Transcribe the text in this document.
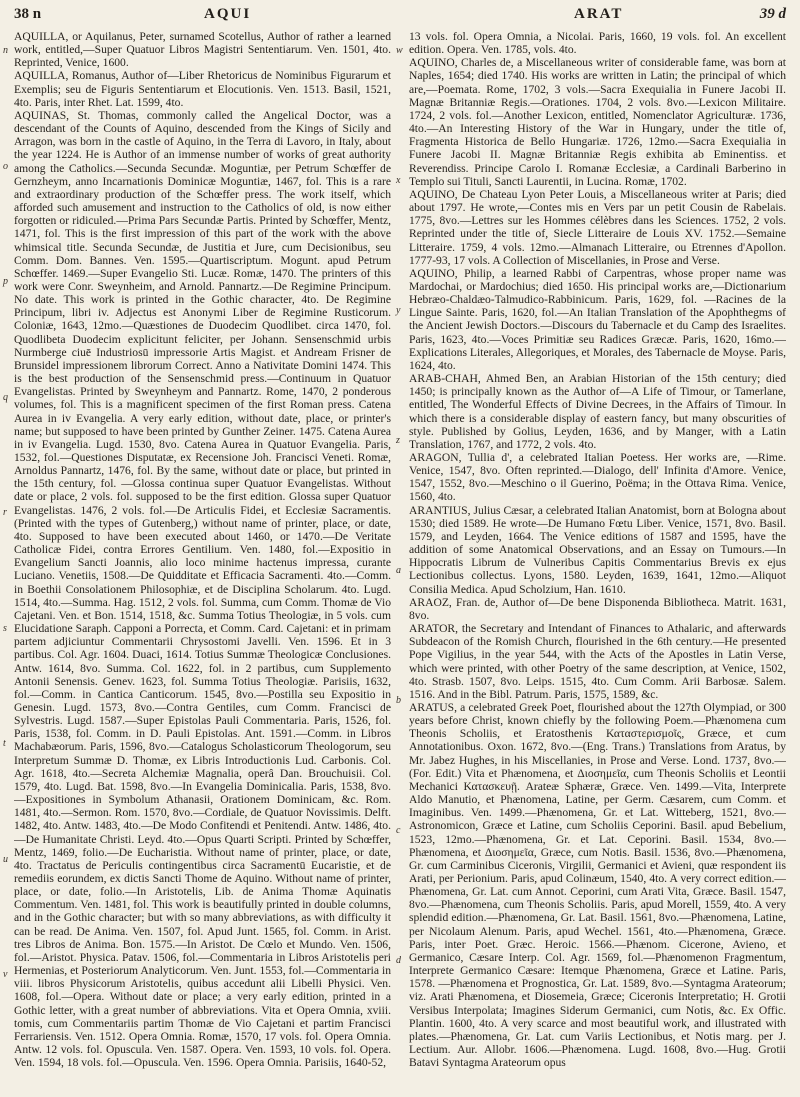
38 n	AQUI	ARAT	39 d

AQUILLA, or Aquilanus, Peter, surnamed Scotellus, Author of rather a learned work, entitled,—Super Quatuor Libros Magistri Sententiarum. Ven. 1501, 4to. Reprinted, Venice, 1600.

AQUILLA, Romanus, Author of—Liber Rhetoricus de Nominibus Figurarum et Exemplis; seu de Figuris Sententiarum et Elocutionis. Ven. 1513. Basil, 1521, 4to. Paris, inter Rhet. Lat. 1599, 4to.

AQUINAS, St. Thomas, commonly called the Angelical Doctor, was a descendant of the Counts of Aquino, descended from the Kings of Sicily and Arragon, was born in the castle of Aquino, in the Terra di Lavoro, in Italy, about the year 1224. He is Author of an immense number of works of great authority among the Catholics.—Secunda Secundæ. Moguntiæ, per Petrum Schœffer de Gernzheym, anno Incarnationis Dominicæ Moguntiæ, 1467, fol. This is a rare and extraordinary production of the Schœffer press. The work itself, which afforded such amusement and instruction to the Catholics of old, is now either forgotten or ridiculed.—Prima Pars Secundæ Partis. Printed by Schœffer, Mentz, 1471, fol. This is the first impression of this part of the work with the above whimsical title. Secunda Secundæ, de Justitia et Jure, cum Decisionibus, seu Comm. Dom. Bannes. Ven. 1595.—Quartiscriptum. Mogunt. apud Petrum Schœffer. 1469.—Super Evangelio Sti. Lucæ. Romæ, 1470. The printers of this work were Conr. Sweynheim, and Arnold. Pannartz.—De Regimine Principum. No date. This work is printed in the Gothic character, 4to. De Regimine Principum, libri iv. Adjectus est Anonymi Liber de Regimine Rusticorum. Coloniæ, 1643, 12mo.—Quæstiones de Duodecim Quodlibet. circa 1470, fol. Quodlibeta Duodecim explicitunt feliciter, per Johann. Sensenschmid urbis Nurmberge ciuē Industriosū impressorie Artis Magist. et Andream Frisner de Brunsidel impressionem librorum Correct. Anno a Nativitate Domini 1474. This is the best production of the Sensenschmid press.—Continuum in Quatuor Evangelistas. Printed by Sweynheym and Pannartz. Rome, 1470, 2 ponderous volumes, fol. This is a magnificent specimen of the first Roman press. Catena Aurea in iv Evangelia. A very early edition, without date, place, or printer's name; but supposed to have been printed by Gunther Zeiner. 1475. Catena Aurea in iv Evangelia. Lugd. 1530, 8vo. Catena Aurea in Quatuor Evangelia. Paris, 1532, fol.—Questiones Disputatæ, ex Recensione Joh. Francisci Veneti. Romæ, Arnoldus Pannartz, 1476, fol. By the same, without date or place, but printed in the 15th century, fol. —Glossa continua super Quatuor Evangelistas. Without date or place, 2 vols. fol. supposed to be the first edition. Glossa super Quatuor Evangelistas. 1476, 2 vols. fol.—De Articulis Fidei, et Ecclesiæ Sacramentis. (Printed with the types of Gutenberg,) without name of printer, place, or date, 4to. Supposed to have been executed about 1460, or 1470.—De Veritate Catholicæ Fidei, contra Errores Gentilium. Ven. 1480, fol.—Expositio in Evangelium Sancti Joannis, alio loco minime hactenus impressa, curante Luciano. Venetiis, 1508.—De Quidditate et Efficacia Sacramenti. 4to.—Comm. in Boethii Consolationem Philosophiæ, et de Disciplina Scholarum. 4to. Lugd. 1514, 4to.—Summa. Hag. 1512, 2 vols. fol. Summa, cum Comm. Thomæ de Vio Cajetani. Ven. et Bon. 1514, 1518, &c. Summa Totius Theologiæ, in 5 vols. cum Elucidatione Saraph. Capponi a Porrecta, et Comm. Card. Cajetani: et in primam partem adjiciuntur Commentarii Chrysostomi Javelli. Ven. 1596. Et in 3 partibus. Col. Agr. 1604. Duaci, 1614. Totius Summæ Theologicæ Conclusiones. Antw. 1614, 8vo. Summa. Col. 1622, fol. in 2 partibus, cum Supplemento Antonii Senensis. Genev. 1623, fol. Summa Totius Theologiæ. Parisiis, 1632, fol.—Comm. in Cantica Canticorum. 1545, 8vo.—Postilla seu Expositio in Genesin. Lugd. 1573, 8vo.—Contra Gentiles, cum Comm. Francisci de Sylvestris. Lugd. 1587.—Super Epistolas Pauli Commentaria. Paris, 1526, fol. Paris, 1538, fol. Comm. in D. Pauli Epistolas. Ant. 1591.—Comm. in Libros Machabæorum. Paris, 1596, 8vo.—Catalogus Scholasticorum Theologorum, seu Interpretum Summæ D. Thomæ, ex Libris Introductionis Lud. Carbonis. Col. Agr. 1618, 4to.—Secreta Alchemiæ Magnalia, operâ Dan. Brouchuisii. Col. 1579, 4to. Lugd. Bat. 1598, 8vo.—In Evangelia Dominicalia. Paris, 1538, 8vo.—Expositiones in Symbolum Athanasii, Orationem Dominicam, &c. Rom. 1481, 4to.—Sermon. Rom. 1570, 8vo.—Cordiale, de Quatuor Novissimis. Delft. 1482, 4to. Antw. 1483, 4to.—De Modo Confitendi et Penitendi. Antw. 1486, 4to.—De Humanitate Christi. Leyd. 4to.—Opus Quarti Scripti. Printed by Schœffer, Mentz, 1469, folio.—De Eucharistia. Without name of printer, place, or date, 4to. Tractatus de Periculis contingentibus circa Sacramentū Eucaristie, et de remediis eorundem, ex dictis Sancti Thome de Aquino. Without name of printer, place, or date, folio.—In Aristotelis, Lib. de Anima Thomæ Aquinatis Commentum. Ven. 1481, fol. This work is beautifully printed in double columns, and in the Gothic character; but with so many abbreviations, as with difficulty it can be read. De Anima. Ven. 1507, fol. Apud Junt. 1565, fol. Comm. in Arist. tres Libros de Anima. Bon. 1575.—In Aristot. De Cœlo et Mundo. Ven. 1506, fol.—Aristot. Physica. Patav. 1506, fol.—Commentaria in Libros Aristotelis peri Hermenias, et Posteriorum Analyticorum. Ven. Junt. 1553, fol.—Commentaria in viii. libros Physicorum Aristotelis, quibus accedunt alii Libelli Physici. Ven. 1608, fol.—Opera. Without date or place; a very early edition, printed in a Gothic letter, with a great number of abbreviations. Vita et Opera Omnia, xviii. tomis, cum Commentariis partim Thomæ de Vio Cajetani et partim Francisci Ferrariensis. Ven. 1512. Opera Omnia. Romæ, 1570, 17 vols. fol. Opera Omnia. Antw. 12 vols. fol. Opuscula. Ven. 1587. Opera. Ven. 1593, 10 vols. fol. Opera. Ven. 1594, 18 vols. fol.—Opuscula. Ven. 1596. Opera Omnia. Parisiis, 1640-52,

13 vols. fol. Opera Omnia, a Nicolai. Paris, 1660, 19 vols. fol. An excellent edition. Opera. Ven. 1785, vols. 4to.

AQUINO, Charles de, a Miscellaneous writer of considerable fame, was born at Naples, 1654; died 1740. His works are written in Latin; the principal of which are,—Poemata. Rome, 1702, 3 vols.—Sacra Exequialia in Funere Jacobi II. Magnæ Britanniæ Regis.—Orationes. 1704, 2 vols. 8vo.—Lexicon Militaire. 1724, 2 vols. fol.—Another Lexicon, entitled, Nomenclator Agriculturæ. 1736, 4to.—An Interesting History of the War in Hungary, under the title of, Fragmenta Historica de Bello Hungariæ. 1726, 12mo.—Sacra Exequialia in Funere Jacobi II. Magnæ Britanniæ Regis exhibita ab Eminentiss. et Reverendiss. Principe Carolo I. Romanæ Ecclesiæ, a Cardinali Barberino in Templo sui Tituli, Sancti Laurentii, in Lucina. Romæ, 1702.

AQUINO, De Chateau Lyon Peter Louis, a Miscellaneous writer at Paris; died about 1797. He wrote,—Contes mis en Vers par un petit Cousin de Rabelais. 1775, 8vo.—Lettres sur les Hommes célèbres dans les Sciences. 1752, 2 vols. Reprinted under the title of, Siecle Litteraire de Louis XV. 1752.—Semaine Litteraire. 1759, 4 vols. 12mo.—Almanach Litteraire, ou Etrennes d'Apollon. 1777-93, 17 vols. A Collection of Miscellanies, in Prose and Verse.

AQUINO, Philip, a learned Rabbi of Carpentras, whose proper name was Mardochai, or Mardochius; died 1650. His principal works are,—Dictionarium Hebræo-Chaldæo-Talmudico-Rabbinicum. Paris, 1629, fol. —Racines de la Lingue Sainte. Paris, 1620, fol.—An Italian Translation of the Apophthegms of the Ancient Jewish Doctors.—Discours du Tabernacle et du Camp des Israelites. Paris, 1623, 4to.—Voces Primitiæ seu Radices Græcæ. Paris, 1620, 16mo.—Explications Literales, Allegoriques, et Morales, des Tabernacle de Moyse. Paris, 1624, 4to.

ARAB-CHAH, Ahmed Ben, an Arabian Historian of the 15th century; died 1450; is principally known as the Author of—A Life of Timour, or Tamerlane, entitled, The Wonderful Effects of Divine Decrees, in the Affairs of Timour. In which there is a considerable display of eastern fancy, but many obscurities of style. Published by Golius, Leyden, 1636, and by Manger, with a Latin Translation, 1767, and 1772, 2 vols. 4to.

ARAGON, Tullia d', a celebrated Italian Poetess. Her works are, —Rime. Venice, 1547, 8vo. Often reprinted.—Dialogo, dell' Infinita d'Amore. Venice, 1547, 1552, 8vo.—Meschino o il Guerino, Poëma; in the Ottava Rima. Venice, 1560, 4to.

ARANTIUS, Julius Cæsar, a celebrated Italian Anatomist, born at Bologna about 1530; died 1589. He wrote—De Humano Fœtu Liber. Venice, 1571, 8vo. Basil. 1579, and Leyden, 1664. The Venice editions of 1587 and 1595, have the addition of some Anatomical Observations, and an Essay on Tumours.—In Hippocratis Librum de Vulneribus Capitis Commentarius Brevis ex ejus Lectionibus collectus. Lyons, 1580. Leyden, 1639, 1641, 12mo.—Aliquot Consilia Medica. Apud Scholzium, Han. 1610.

ARAOZ, Fran. de, Author of—De bene Disponenda Bibliotheca. Matrit. 1631, 8vo.

ARATOR, the Secretary and Intendant of Finances to Athalaric, and afterwards Subdeacon of the Romish Church, flourished in the 6th century.—He presented Pope Vigilius, in the year 544, with the Acts of the Apostles in Latin Verse, which were printed, with other Poetry of the same description, at Venice, 1502, 4to. Strasb. 1507, 8vo. Leips. 1515, 4to. Cum Comm. Arii Barbosæ. Salem. 1516. And in the Bibl. Patrum. Paris, 1575, 1589, &c.

ARATUS, a celebrated Greek Poet, flourished about the 127th Olympiad, or 300 years before Christ, known chiefly by the following Poem.—Phænomena cum Theonis Scholiis, et Eratosthenis Καταστερισμοῖς, Græce, et cum Annotationibus. Oxon. 1672, 8vo.—(Eng. Trans.) Translations from Aratus, by Mr. Jabez Hughes, in his Miscellanies, in Prose and Verse. Lond. 1737, 8vo.—(For. Edit.) Vita et Phænomena, et Διοσημεῖα, cum Theonis Scholiis et Leontii Mechanici Κατασκευῇ. Arateæ Sphæræ, Græce. Ven. 1499.—Vita, Interprete Aldo Manutio, et Phænomena, Latine, per Germ. Cæsarem, cum Comm. et Imaginibus. Ven. 1499.—Phænomena, Gr. et Lat. Witteberg, 1521, 8vo.—Astronomicon, Græce et Latine, cum Scholiis Ceporini. Basil. apud Bebelium, 1523, 12mo.—Phænomena, Gr. et Lat. Ceporini. Basil. 1534, 8vo.—Phænomena, et Διοσημεῖα, Græce, cum Notis. Basil. 1536, 8vo.—Phænomena, Gr. cum Carminibus Ciceronis, Virgilii, Germanici et Avieni, quæ respondent iis Arati, per Perionium. Paris, apud Colinæum, 1540, 4to. A very correct edition.—Phænomena, Gr. Lat. cum Annot. Ceporini, cum Arati Vita, Græce. Basil. 1547, 8vo.—Phænomena, cum Theonis Scholiis. Paris, apud Morell, 1559, 4to. A very splendid edition.—Phænomena, Gr. Lat. Basil. 1561, 8vo.—Phænomena, Latine, per Nicolaum Alenum. Paris, apud Wechel. 1561, 4to.—Phænomena, Græce. Paris, inter Poet. Græc. Heroic. 1566.—Phænom. Cicerone, Avieno, et Germanico, Cæsare Interp. Col. Agr. 1569, fol.—Phænomenon Fragmentum, Interprete Germanico Cæsare: Itemque Phænomena, Græce et Latine. Paris, 1578. —Phænomena et Prognostica, Gr. Lat. 1589, 8vo.—Syntagma Arateorum; viz. Arati Phænomena, et Diosemeia, Græce; Ciceronis Interpretatio; H. Grotii Versibus Interpolata; Imagines Siderum Germanici, cum Notis, &c. Ex Offic. Plantin. 1600, 4to. A very scarce and most beautiful work, and illustrated with plates.—Phænomena, Gr. Lat. cum Variis Lectionibus, et Notis marg. per J. Lectium. Aur. Allobr. 1606.—Phænomena. Lugd. 1608, 8vo.—Hug. Grotii Batavi Syntagma Arateorum opus

n
o
p
q
r
s
t
u
v
w
x
y
z
a
b
c
d
